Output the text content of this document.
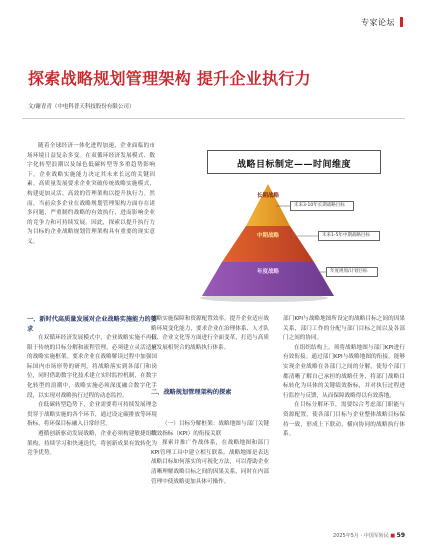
专家论坛
探索战略规划管理架构 提升企业执行力
文/谢青青（中电科普天科技股份有限公司）

随着全球经济一体化进程加速，企业面临的市场环境日益复杂多变。在双循环经济发展模式、数字化转型浪潮以及绿色低碳转型等多重趋势影响下，企业战略实施能力决定其未来长远的关键因素。高质量发展要求企业突破传统战略实施模式，构建更加灵活、高效的管理架构以提升执行力。然而，当前众多企业在战略规划管理架构方面存在诸多问题，严重制约战略的有效执行，进而影响企业的竞争力和可持续发展。因此，探索以提升执行力为目标的企业战略规划管理架构具有重要的现实意义。

战略目标制定——时间维度
长期战略
中期战略
年度战略
未来3-10年长期战略目标
未来1-5年中期战略目标
年度规划/计划目标
一、新时代高质量发展对企业战略实施能力的要求

在双循环经济发展模式中，企业战略实施不再仅限于传统的目标分解和流程管理，必须建立灵活适应的战略实施框架。要求企业在战略解读过程中加强国际国内市场形势的研判，将战略落实到各部门和岗位，同时借助数字化技术建立实时监控机制，在数字化转型的浪潮中，战略实施必须深度融合数字化手段，以实现对战略执行过程的动态监控。

在低碳转型趋势下，企业需要将可持续发展理念贯穿于战略实施的各个环节，通过设定碳排放等环境指标，将环保目标融入日常经营。

遵循创新驱动发展战略，企业必须构建敏捷组织架构，持续学习和快速迭代，将创新成果有效转化为竞争优势。

战略实施保障和资源配置效率。提升企业适应战略环境变化能力，要求企业在治理体系、人才队伍、企业文化等方面进行全面变革，打造与高质量发展相契合的战略执行体系。

二、战略规划管理架构的探索

（一）目标分解框架：战略地图与部门关键绩效指标（KPI）的衔接关联

探索并推广作战体系，在战略地图和部门KPI管理工具中建立相互联系。战略地图是表达战略目标如何落实的可视化方法，可以帮助企业清晰理解战略目标之间的因果关系，同时在内部管理中使战略更加具体可操作。

部门KPI与战略地图所设定的战略目标之间的因果关系，部门工作的分配与部门目标之间以及各部门之间的协同。

在组织结构上，须将战略地图与部门KPI进行有效衔接。通过部门KPI与战略地图的衔接，能够实现企业战略在各部门之间的分解，使每个部门都清晰了解自己承担的战略任务，将部门战略目标转化为具体的关键绩效指标，并对执行过程进行监控与反馈，从而保障战略得以有效落地。

在目标分解环节，需要综合考虑部门职能与资源配置，使各部门目标与企业整体战略目标保持一致，形成上下联动、横向协同的战略执行体系。

2025年5月 · 中国军转民 ■ 59
